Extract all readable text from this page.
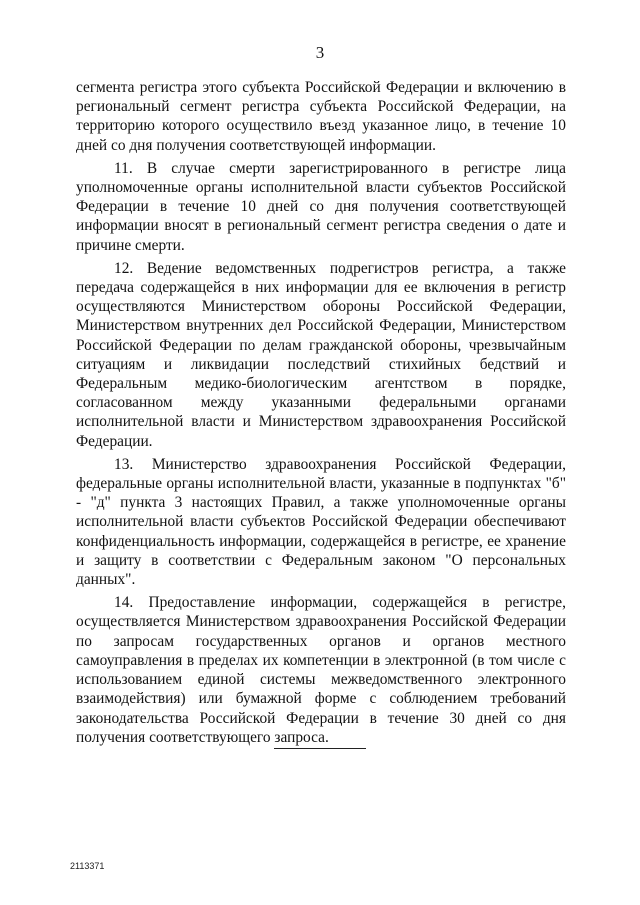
3

сегмента регистра этого субъекта Российской Федерации и включению в региональный сегмент регистра субъекта Российской Федерации, на территорию которого осуществило въезд указанное лицо, в течение 10 дней со дня получения соответствующей информации.

11. В случае смерти зарегистрированного в регистре лица уполномоченные органы исполнительной власти субъектов Российской Федерации в течение 10 дней со дня получения соответствующей информации вносят в региональный сегмент регистра сведения о дате и причине смерти.

12. Ведение ведомственных подрегистров регистра, а также передача содержащейся в них информации для ее включения в регистр осуществляются Министерством обороны Российской Федерации, Министерством внутренних дел Российской Федерации, Министерством Российской Федерации по делам гражданской обороны, чрезвычайным ситуациям и ликвидации последствий стихийных бедствий и Федеральным медико-биологическим агентством в порядке, согласованном между указанными федеральными органами исполнительной власти и Министерством здравоохранения Российской Федерации.

13. Министерство здравоохранения Российской Федерации, федеральные органы исполнительной власти, указанные в подпунктах "б" - "д" пункта 3 настоящих Правил, а также уполномоченные органы исполнительной власти субъектов Российской Федерации обеспечивают конфиденциальность информации, содержащейся в регистре, ее хранение и защиту в соответствии с Федеральным законом "О персональных данных".

14. Предоставление информации, содержащейся в регистре, осуществляется Министерством здравоохранения Российской Федерации по запросам государственных органов и органов местного самоуправления в пределах их компетенции в электронной (в том числе с использованием единой системы межведомственного электронного взаимодействия) или бумажной форме с соблюдением требований законодательства Российской Федерации в течение 30 дней со дня получения соответствующего запроса.

2113371
